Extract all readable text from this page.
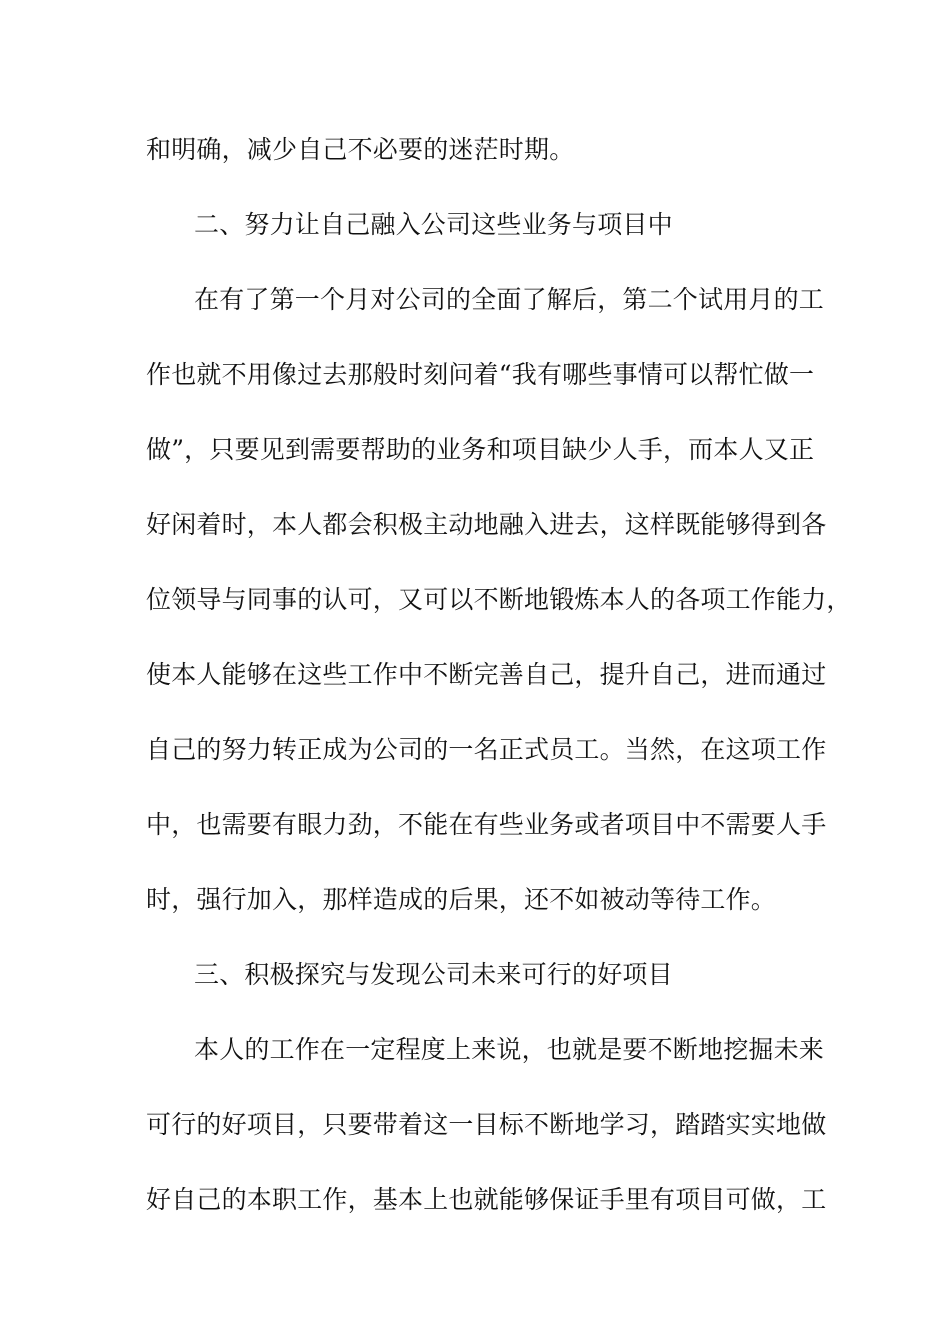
和明确，减少自己不必要的迷茫时期。
二、努力让自己融入公司这些业务与项目中
在有了第一个月对公司的全面了解后，第二个试用月的工
作也就不用像过去那般时刻问着“我有哪些事情可以帮忙做一
做”，只要见到需要帮助的业务和项目缺少人手，而本人又正
好闲着时，本人都会积极主动地融入进去，这样既能够得到各
位领导与同事的认可，又可以不断地锻炼本人的各项工作能力，
使本人能够在这些工作中不断完善自己，提升自己，进而通过
自己的努力转正成为公司的一名正式员工。当然，在这项工作
中，也需要有眼力劲，不能在有些业务或者项目中不需要人手
时，强行加入，那样造成的后果，还不如被动等待工作。
三、积极探究与发现公司未来可行的好项目
本人的工作在一定程度上来说，也就是要不断地挖掘未来
可行的好项目，只要带着这一目标不断地学习，踏踏实实地做
好自己的本职工作，基本上也就能够保证手里有项目可做，工
